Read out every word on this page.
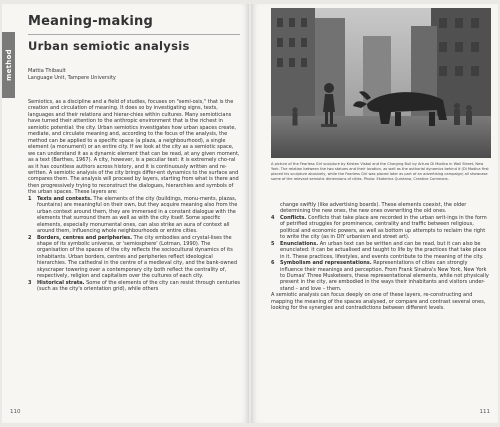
method
Meaning-making
Urban semiotic analysis
Mattia Thibault
Language Unit, Tampere University

Semiotics, as a discipline and a field of studies, focuses on "semi-osis," that is the creation and circulation of meaning. It does so by investigating signs, texts, languages and their relations and hierar-chies within cultures. Many semioticians have turned their attention to the anthropic environment that is the richest in semiotic potential: the city. Urban semiotics investigates how urban spaces create, mediate, and circulate meaning and, according to the focus of the analysis, the method can be applied to a specific space (a plaza, a neighbourhood), a single element (a monument) or an entire city. If we look at the city as a semiotic space, we can understand it as a dynamic element that can be read, at any given moment, as a text (Barthes, 1967). A city, however, is a peculiar text: it is extremely cho-ral as it has countless authors across history, and it is continuously written and re-written. A semiotic analysis of the city brings differ-ent dynamics to the surface and compares them. The analysis will proceed by layers, starting from what is there and then progressively trying to reconstruct the dialogues, hierarchies and symbols of the urban spaces. These layers are:

1 Texts and contexts. The elements of the city (buildings, monu-ments, plazas, fountains) are meaningful on their own, but they acquire meaning also from the urban context around them, they are immersed in a constant dialogue with the elements that surround them as well as with the city itself. Some specific elements, especially monumental ones, can also strike an aura of context all around them, influencing whole neighbourhoods or entire cities.
2 Borders, centres and peripheries. The city embodies and crystal-lises the shape of its symbolic universe, or 'semiosphere' (Lotman, 1990). The organisation of the spaces of the city reflects the sociocultural dynamics of its inhabitants. Urban borders, centres and peripheries reflect ideological hierarchies. The cathedral in the centre of a medieval city, and the bank-owned skyscraper towering over a contemporary city both reflect the centrality of, respectively, religion and capitalism over the cultures of each city.
3 Historical strata. Some of the elements of the city can resist through centuries (such as the city's orientation grid), while others
110

A picture of the Fearless Girl sculpture by Kristen Visbal and the Charging Bull by Arturo Di Modica in Wall Street, New York. The relation between the two statues and their location, as well as the authorial dynamics behind it (Di Modica first placed his sculpture abusively, while the Fearless Girl was placed later as part of an advertising campaign) all showcase some of the relevant semiotic dimensions of cities. Photo: Ekaterina Quintana, Creative Commons.

change swiftly (like advertising boards). These elements coexist, the older determining the new ones, the new ones overwriting the old ones.
4 Conflicts. Conflicts that take place are recorded in the urban writ-ings in the form of petrified struggles for prominence, centrality and traffic between religious, political and economic powers, as well as bottom up attempts to reclaim the right to write the city (as in DIY urbanism and street art).
5 Enunciations. An urban text can be written and can be read, but it can also be enunciated: it can be actualised and taught to life by the practices that take place in it. These practices, lifestyles, and events contribute to the meaning of the city.
6 Symbolism and representations. Representations of cities can strongly influence their meanings and perception. From Frank Sinatra's New York, New York to Dumas' Three Musketeers, these representational elements, while not physically present in the city, are embodied in the ways their inhabitants and visitors under-stand – and love – them.

A semiotic analysis can focus deeply on one of these layers, re-constructing and mapping the meaning of the spaces analysed, or compare and contrast several ones, looking for the synergies and contradictions between different levels.

111
